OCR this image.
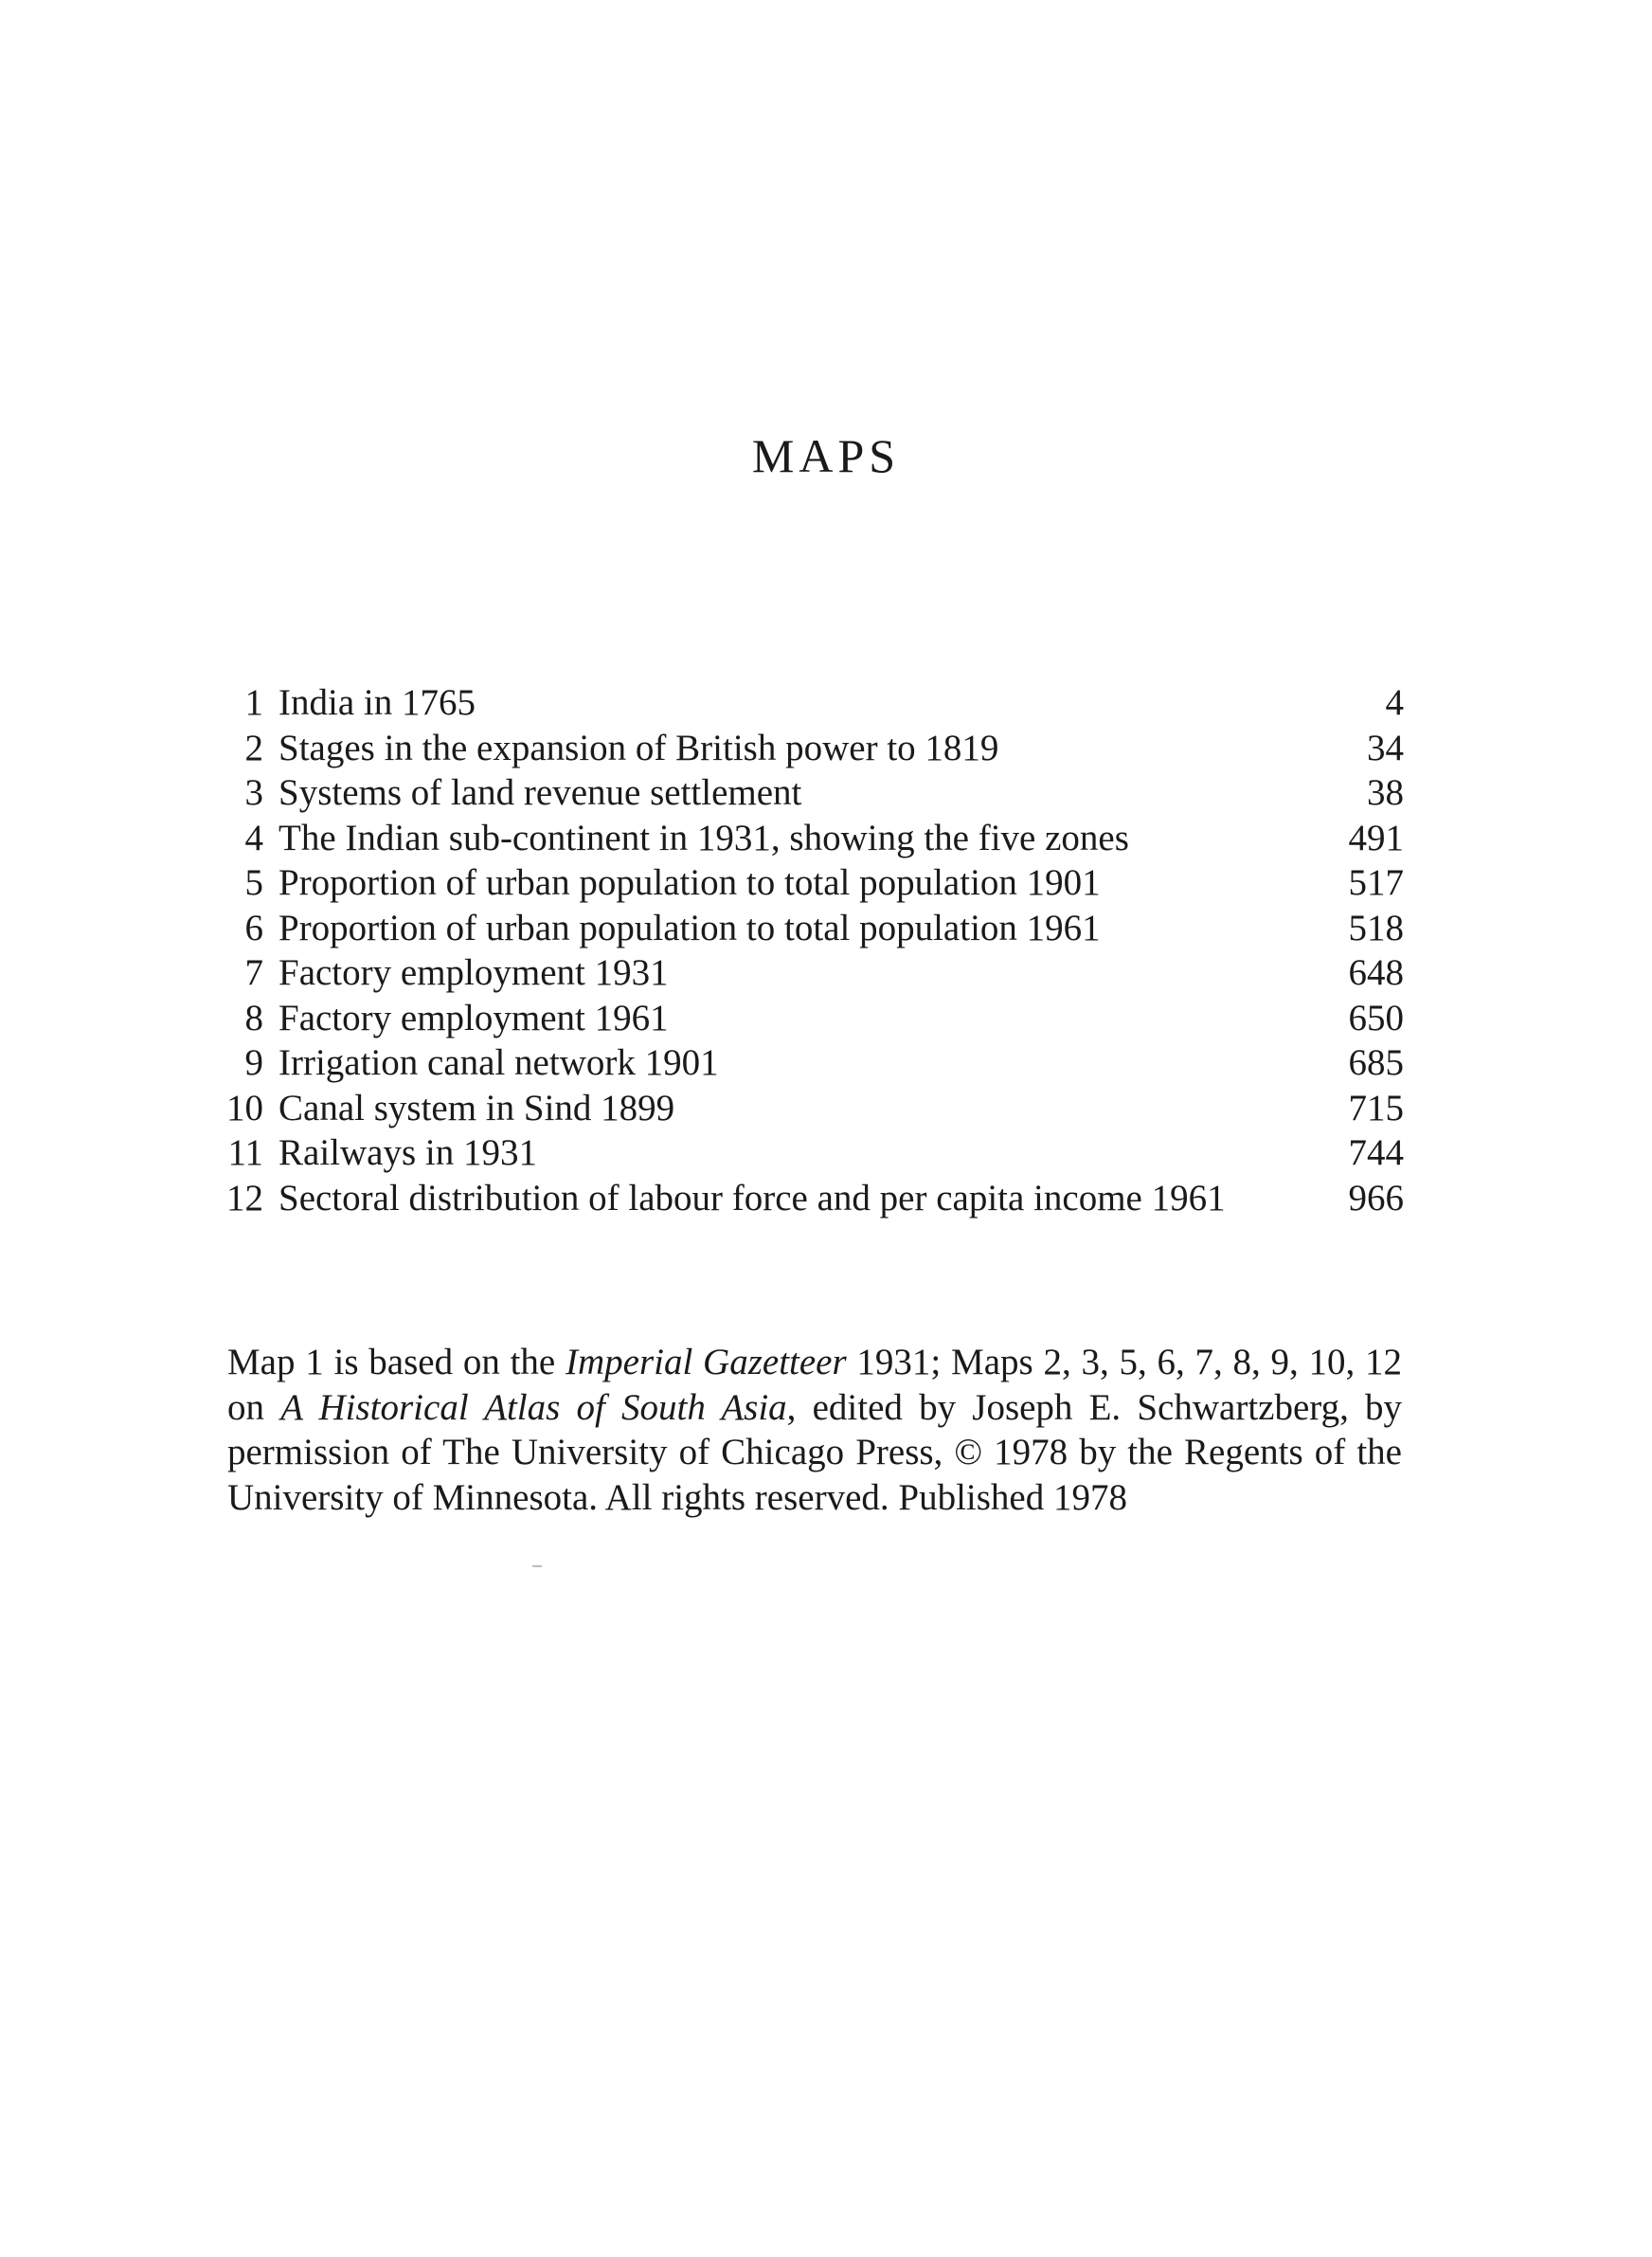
MAPS
1 India in 1765	4
2 Stages in the expansion of British power to 1819	34
3 Systems of land revenue settlement	38
4 The Indian sub-continent in 1931, showing the five zones	491
5 Proportion of urban population to total population 1901	517
6 Proportion of urban population to total population 1961	518
7 Factory employment 1931	648
8 Factory employment 1961	650
9 Irrigation canal network 1901	685
10 Canal system in Sind 1899	715
11 Railways in 1931	744
12 Sectoral distribution of labour force and per capita income 1961	966

Map 1 is based on the Imperial Gazetteer 1931; Maps 2, 3, 5, 6, 7, 8, 9, 10, 12 on A Historical Atlas of South Asia, edited by Joseph E. Schwartzberg, by permission of The University of Chicago Press, © 1978 by the Regents of the University of Minnesota. All rights reserved. Published 1978
